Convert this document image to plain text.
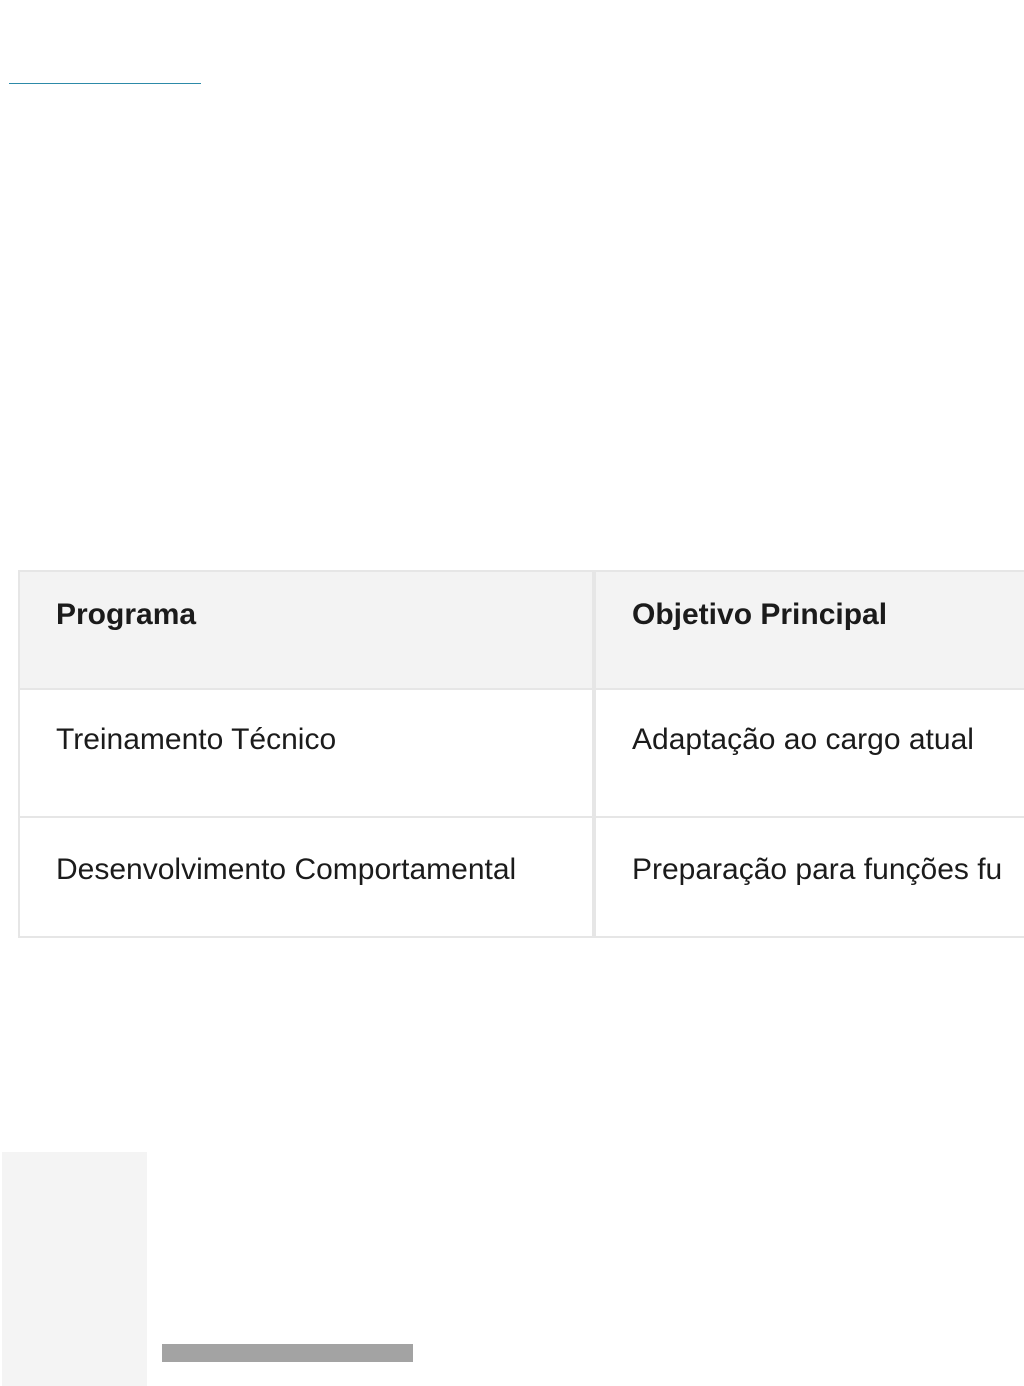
Programa	Objetivo Principal
Treinamento Técnico	Adaptação ao cargo atual
Desenvolvimento Comportamental	Preparação para funções fu
